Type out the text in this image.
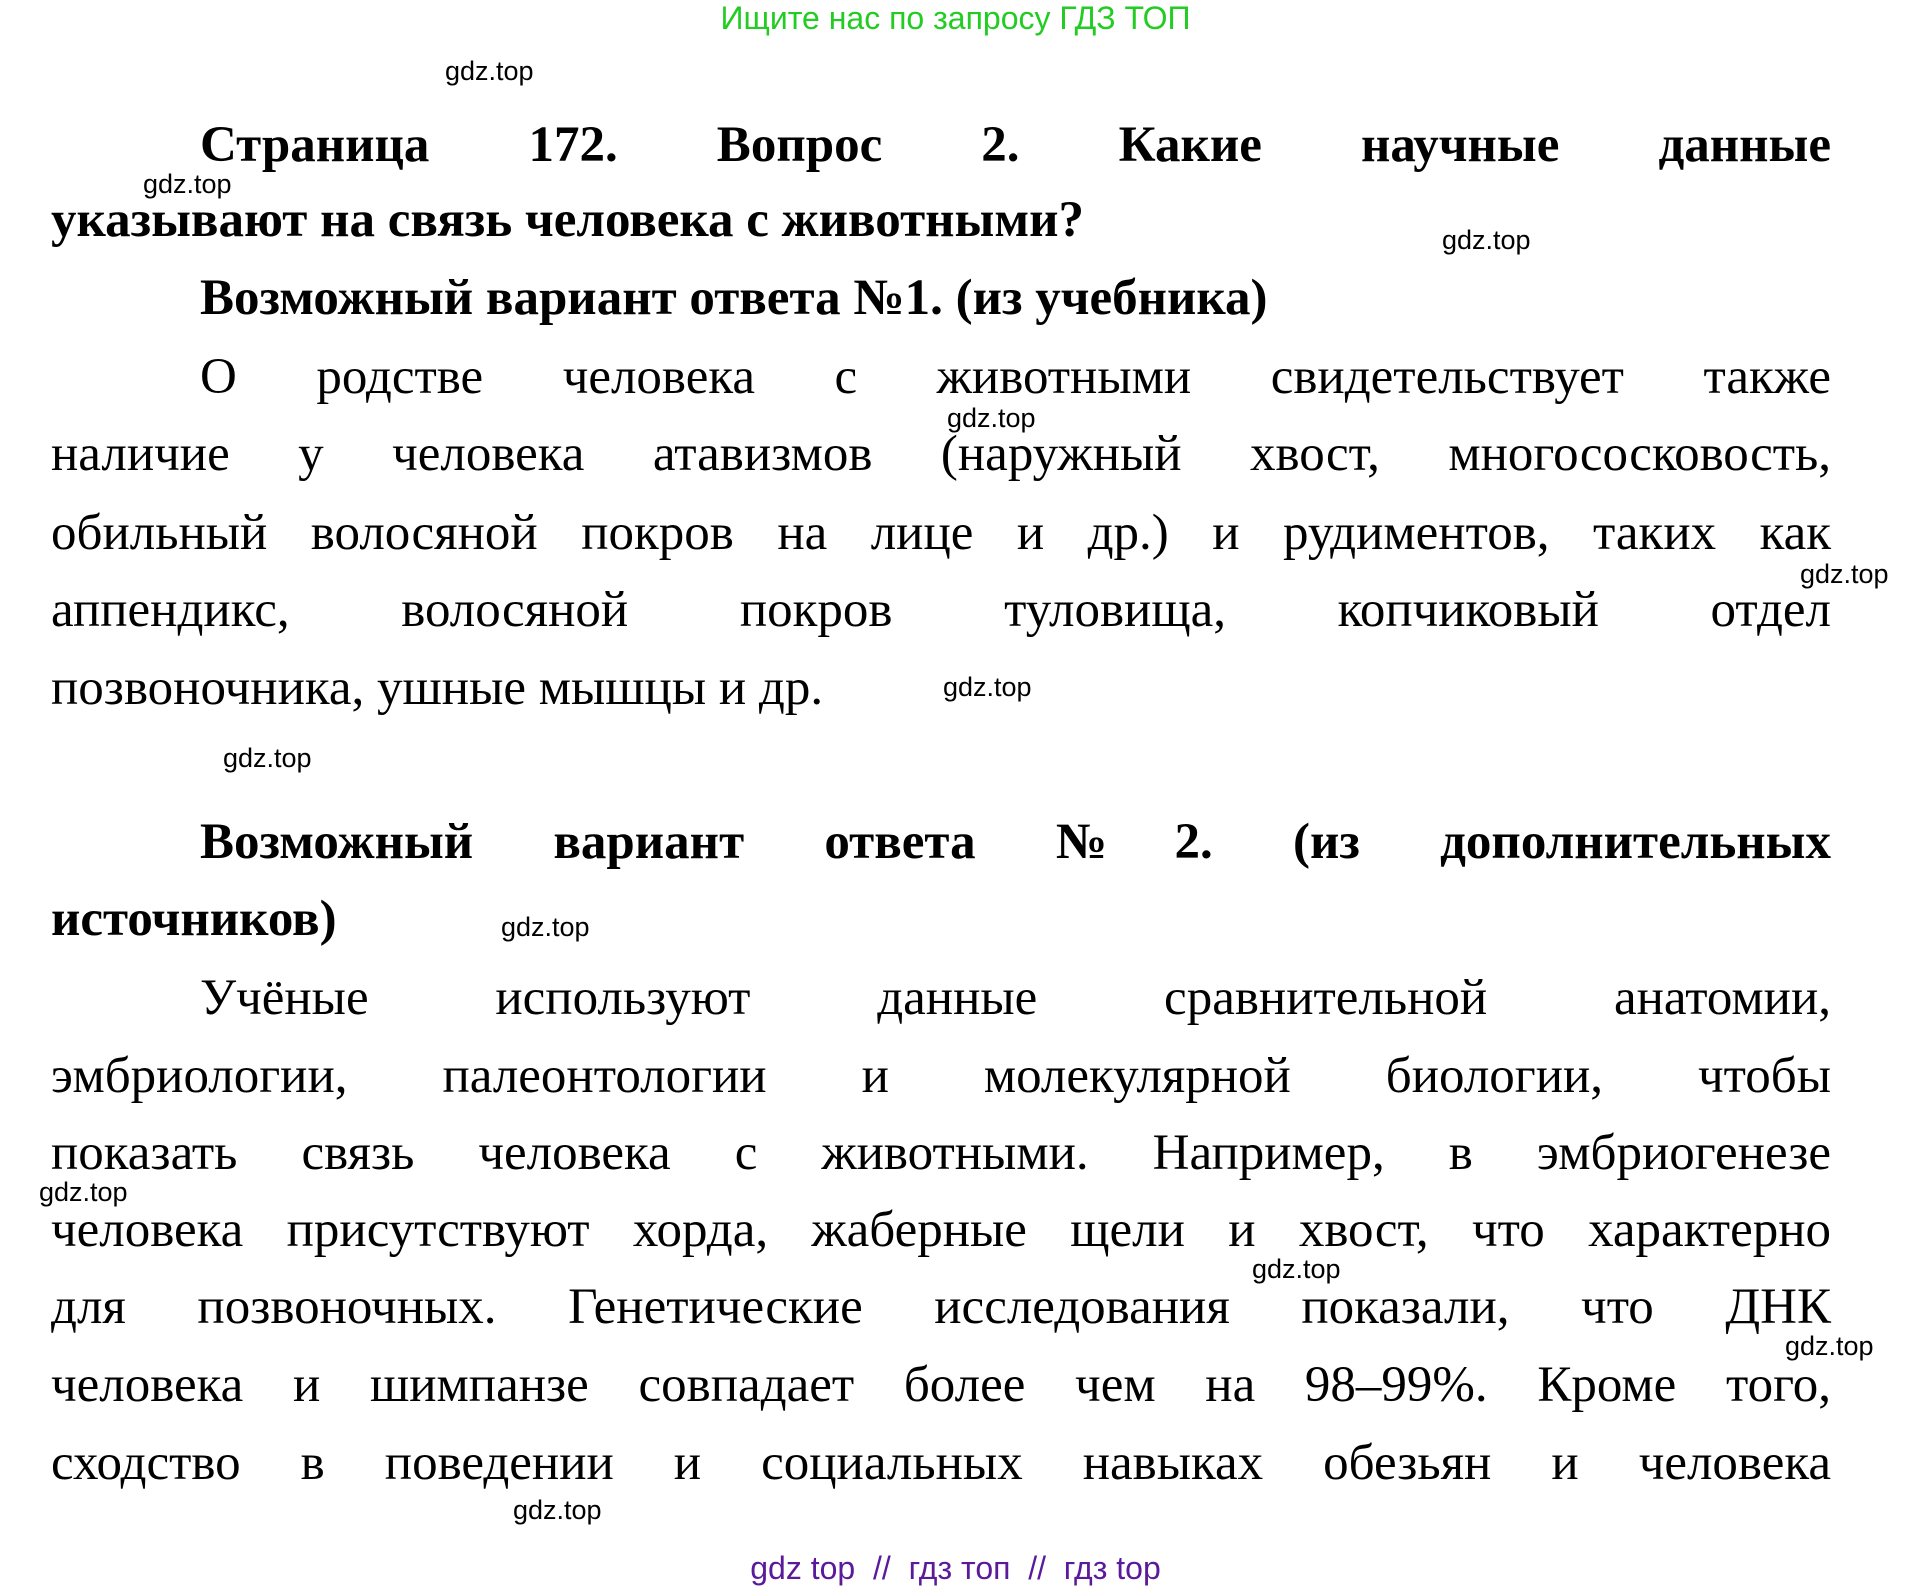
Ищите нас по запросу ГДЗ ТОП
Страница 172. Вопрос 2. Какие научные данные
указывают на связь человека с животными?
Возможный вариант ответа №1. (из учебника)
О родстве человека с животными свидетельствует также
наличие у человека атавизмов (наружный хвост, многососковость,
обильный волосяной покров на лице и др.) и рудиментов, таких как
аппендикс, волосяной покров туловища, копчиковый отдел
позвоночника, ушные мышцы и др.
Возможный вариант ответа №2. (из дополнительных
источников)
Учёные используют данные сравнительной анатомии,
эмбриологии, палеонтологии и молекулярной биологии, чтобы
показать связь человека с животными. Например, в эмбриогенезе
человека присутствуют хорда, жаберные щели и хвост, что характерно
для позвоночных. Генетические исследования показали, что ДНК
человека и шимпанзе совпадает более чем на 98–99%. Кроме того,
сходство в поведении и социальных навыках обезьян и человека
gdz.top
gdz.top
gdz.top
gdz.top
gdz.top
gdz.top
gdz.top
gdz.top
gdz.top
gdz.top
gdz.top
gdz.top
gdz top  //  гдз топ  //  гдз top
